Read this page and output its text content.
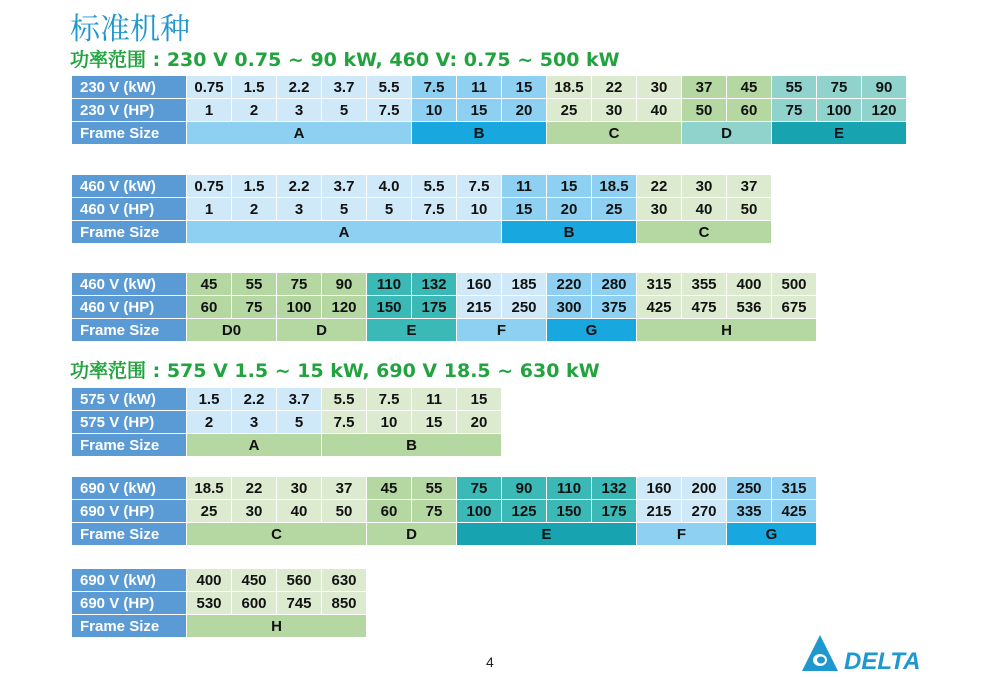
标准机种
功率范围 : 230 V 0.75 ~ 90 kW, 460 V: 0.75 ~ 500 kW
功率范围 : 575 V 1.5 ~ 15 kW, 690 V 18.5 ~ 630 kW
230 V (kW)	0.75	1.5	2.2	3.7	5.5	7.5	11	15	18.5	22	30	37	45	55	75	90
230 V (HP)	1	2	3	5	7.5	10	15	20	25	30	40	50	60	75	100	120
Frame Size	A					B			C			D		E		
460 V (kW)	0.75	1.5	2.2	3.7	4.0	5.5	7.5	11	15	18.5	22	30	37
460 V (HP)	1	2	3	5	5	7.5	10	15	20	25	30	40	50
Frame Size	A							B			C		
460 V (kW)	45	55	75	90	110	132	160	185	220	280	315	355	400	500
460 V (HP)	60	75	100	120	150	175	215	250	300	375	425	475	536	675
Frame Size	D0		D		E		F		G		H			
575 V (kW)	1.5	2.2	3.7	5.5	7.5	11	15
575 V (HP)	2	3	5	7.5	10	15	20
Frame Size	A			B			
690 V (kW)	18.5	22	30	37	45	55	75	90	110	132	160	200	250	315
690 V (HP)	25	30	40	50	60	75	100	125	150	175	215	270	335	425
Frame Size	C				D		E				F		G	
690 V (kW)	400	450	560	630
690 V (HP)	530	600	745	850
Frame Size	H			
4	DELTA
